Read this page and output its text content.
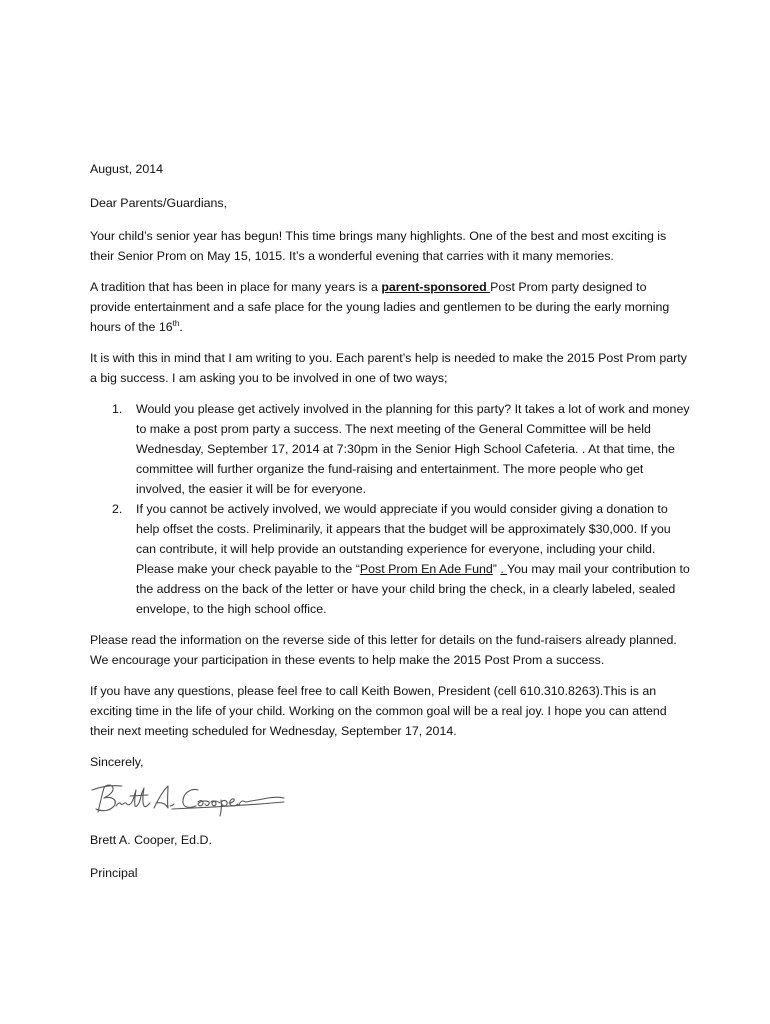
August, 2014

Dear Parents/Guardians,

Your child’s senior year has begun! This time brings many highlights. One of the best and most exciting is their Senior Prom on May 15, 1015. It’s a wonderful evening that carries with it many memories.

A tradition that has been in place for many years is a parent-sponsored Post Prom party designed to provide entertainment and a safe place for the young ladies and gentlemen to be during the early morning hours of the 16th.

It is with this in mind that I am writing to you. Each parent’s help is needed to make the 2015 Post Prom party a big success. I am asking you to be involved in one of two ways;

1. Would you please get actively involved in the planning for this party? It takes a lot of work and money to make a post prom party a success. The next meeting of the General Committee will be held Wednesday, September 17, 2014 at 7:30pm in the Senior High School Cafeteria. . At that time, the committee will further organize the fund-raising and entertainment. The more people who get involved, the easier it will be for everyone.
2. If you cannot be actively involved, we would appreciate if you would consider giving a donation to help offset the costs. Preliminarily, it appears that the budget will be approximately $30,000. If you can contribute, it will help provide an outstanding experience for everyone, including your child. Please make your check payable to the “Post Prom En Ade Fund” . You may mail your contribution to the address on the back of the letter or have your child bring the check, in a clearly labeled, sealed envelope, to the high school office.

Please read the information on the reverse side of this letter for details on the fund-raisers already planned. We encourage your participation in these events to help make the 2015 Post Prom a success.

If you have any questions, please feel free to call Keith Bowen, President (cell 610.310.8263).This is an exciting time in the life of your child. Working on the common goal will be a real joy. I hope you can attend their next meeting scheduled for Wednesday, September 17, 2014.

Sincerely,

Brett A. Cooper, Ed.D.

Principal
